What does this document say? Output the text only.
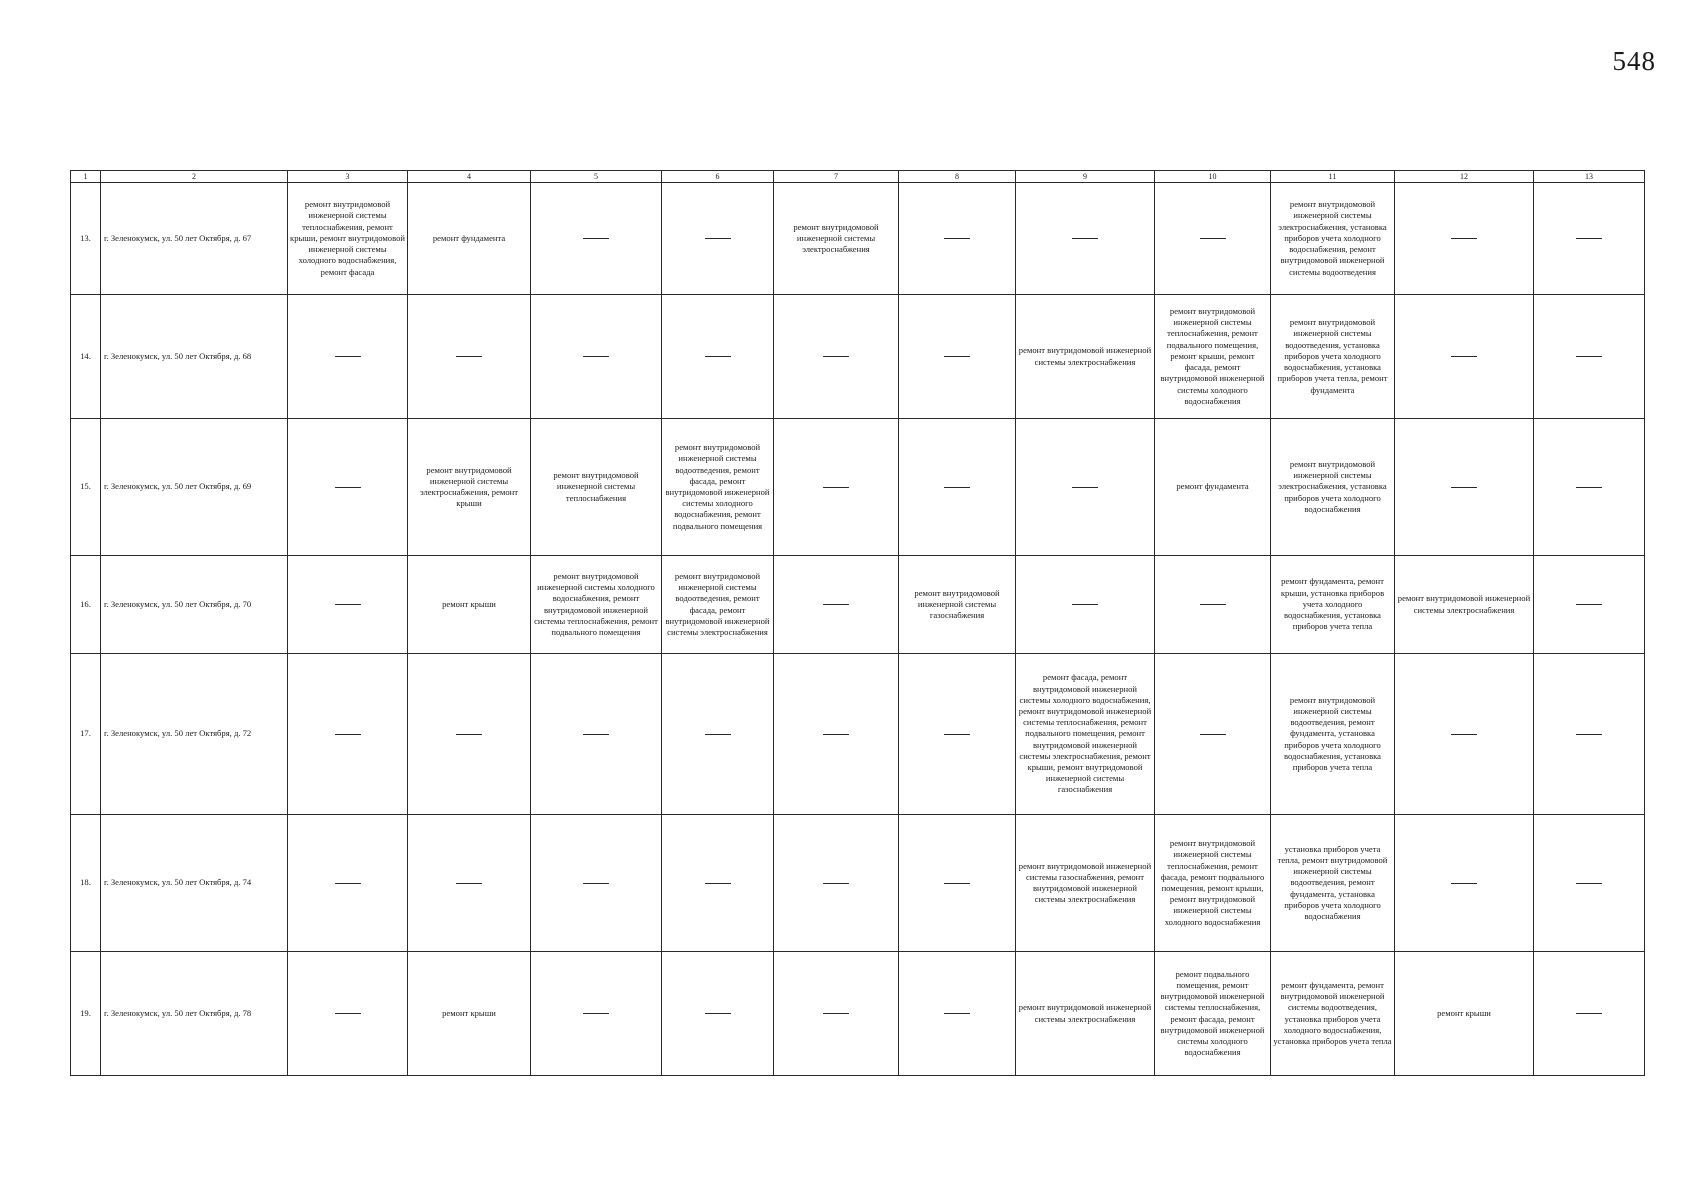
548
1	2	3	4	5	6	7	8	9	10	11	12	13
13.	г. Зеленокумск, ул. 50 лет Октября, д. 67	ремонт внутридомовой инженерной системы теплоснабжения, ремонт крыши, ремонт внутридомовой инженерной системы холодного водоснабжения, ремонт фасада	ремонт фундамента			ремонт внутридомовой инженерной системы электроснабжения				ремонт внутридомовой инженерной системы электроснабжения, установка приборов учета холодного водоснабжения, ремонт внутридомовой инженерной системы водоотведения		
14.	г. Зеленокумск, ул. 50 лет Октября, д. 68							ремонт внутридомовой инженерной системы электроснабжения	ремонт внутридомовой инженерной системы теплоснабжения, ремонт подвального помещения, ремонт крыши, ремонт фасада, ремонт внутридомовой инженерной системы холодного водоснабжения	ремонт внутридомовой инженерной системы водоотведения, установка приборов учета холодного водоснабжения, установка приборов учета тепла, ремонт фундамента		
15.	г. Зеленокумск, ул. 50 лет Октября, д. 69		ремонт внутридомовой инженерной системы электроснабжения, ремонт крыши	ремонт внутридомовой инженерной системы теплоснабжения	ремонт внутридомовой инженерной системы водоотведения, ремонт фасада, ремонт внутридомовой инженерной системы холодного водоснабжения, ремонт подвального помещения				ремонт фундамента	ремонт внутридомовой инженерной системы электроснабжения, установка приборов учета холодного водоснабжения		
16.	г. Зеленокумск, ул. 50 лет Октября, д. 70		ремонт крыши	ремонт внутридомовой инженерной системы холодного водоснабжения, ремонт внутридомовой инженерной системы теплоснабжения, ремонт подвального помещения	ремонт внутридомовой инженерной системы водоотведения, ремонт фасада, ремонт внутридомовой инженерной системы электроснабжения		ремонт внутридомовой инженерной системы газоснабжения			ремонт фундамента, ремонт крыши, установка приборов учета холодного водоснабжения, установка приборов учета тепла	ремонт внутридомовой инженерной системы электроснабжения	
17.	г. Зеленокумск, ул. 50 лет Октября, д. 72							ремонт фасада, ремонт внутридомовой инженерной системы холодного водоснабжения, ремонт внутридомовой инженерной системы теплоснабжения, ремонт подвального помещения, ремонт внутридомовой инженерной системы электроснабжения, ремонт крыши, ремонт внутридомовой инженерной системы газоснабжения		ремонт внутридомовой инженерной системы водоотведения, ремонт фундамента, установка приборов учета холодного водоснабжения, установка приборов учета тепла		
18.	г. Зеленокумск, ул. 50 лет Октября, д. 74							ремонт внутридомовой инженерной системы газоснабжения, ремонт внутридомовой инженерной системы электроснабжения	ремонт внутридомовой инженерной системы теплоснабжения, ремонт фасада, ремонт подвального помещения, ремонт крыши, ремонт внутридомовой инженерной системы холодного водоснабжения	установка приборов учета тепла, ремонт внутридомовой инженерной системы водоотведения, ремонт фундамента, установка приборов учета холодного водоснабжения		
19.	г. Зеленокумск, ул. 50 лет Октября, д. 78		ремонт крыши					ремонт внутридомовой инженерной системы электроснабжения	ремонт подвального помещения, ремонт внутридомовой инженерной системы теплоснабжения, ремонт фасада, ремонт внутридомовой инженерной системы холодного водоснабжения	ремонт фундамента, ремонт внутридомовой инженерной системы водоотведения, установка приборов учета холодного водоснабжения, установка приборов учета тепла	ремонт крыши	
